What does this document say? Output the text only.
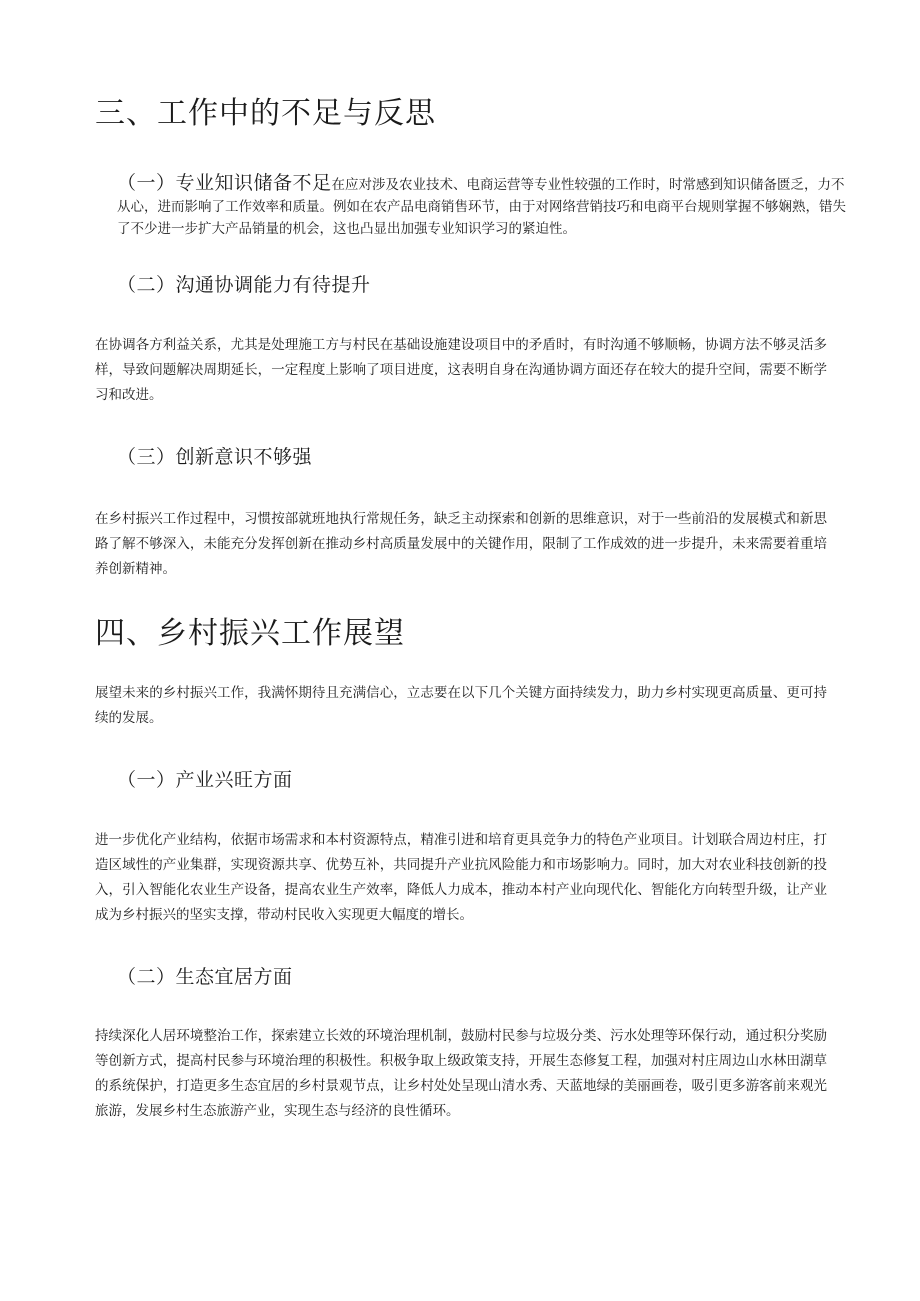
三、工作中的不足与反思

（一）专业知识储备不足在应对涉及农业技术、电商运营等专业性较强的工作时，时常感到知识储备匮乏，力不从心，进而影响了工作效率和质量。例如在农产品电商销售环节，由于对网络营销技巧和电商平台规则掌握不够娴熟，错失了不少进一步扩大产品销量的机会，这也凸显出加强专业知识学习的紧迫性。

（二）沟通协调能力有待提升

在协调各方利益关系，尤其是处理施工方与村民在基础设施建设项目中的矛盾时，有时沟通不够顺畅，协调方法不够灵活多样，导致问题解决周期延长，一定程度上影响了项目进度，这表明自身在沟通协调方面还存在较大的提升空间，需要不断学习和改进。

（三）创新意识不够强

在乡村振兴工作过程中，习惯按部就班地执行常规任务，缺乏主动探索和创新的思维意识，对于一些前沿的发展模式和新思路了解不够深入，未能充分发挥创新在推动乡村高质量发展中的关键作用，限制了工作成效的进一步提升，未来需要着重培养创新精神。

四、乡村振兴工作展望

展望未来的乡村振兴工作，我满怀期待且充满信心，立志要在以下几个关键方面持续发力，助力乡村实现更高质量、更可持续的发展。

（一）产业兴旺方面

进一步优化产业结构，依据市场需求和本村资源特点，精准引进和培育更具竞争力的特色产业项目。计划联合周边村庄，打造区域性的产业集群，实现资源共享、优势互补，共同提升产业抗风险能力和市场影响力。同时，加大对农业科技创新的投入，引入智能化农业生产设备，提高农业生产效率，降低人力成本，推动本村产业向现代化、智能化方向转型升级，让产业成为乡村振兴的坚实支撑，带动村民收入实现更大幅度的增长。

（二）生态宜居方面

持续深化人居环境整治工作，探索建立长效的环境治理机制，鼓励村民参与垃圾分类、污水处理等环保行动，通过积分奖励等创新方式，提高村民参与环境治理的积极性。积极争取上级政策支持，开展生态修复工程，加强对村庄周边山水林田湖草的系统保护，打造更多生态宜居的乡村景观节点，让乡村处处呈现山清水秀、天蓝地绿的美丽画卷，吸引更多游客前来观光旅游，发展乡村生态旅游产业，实现生态与经济的良性循环。
